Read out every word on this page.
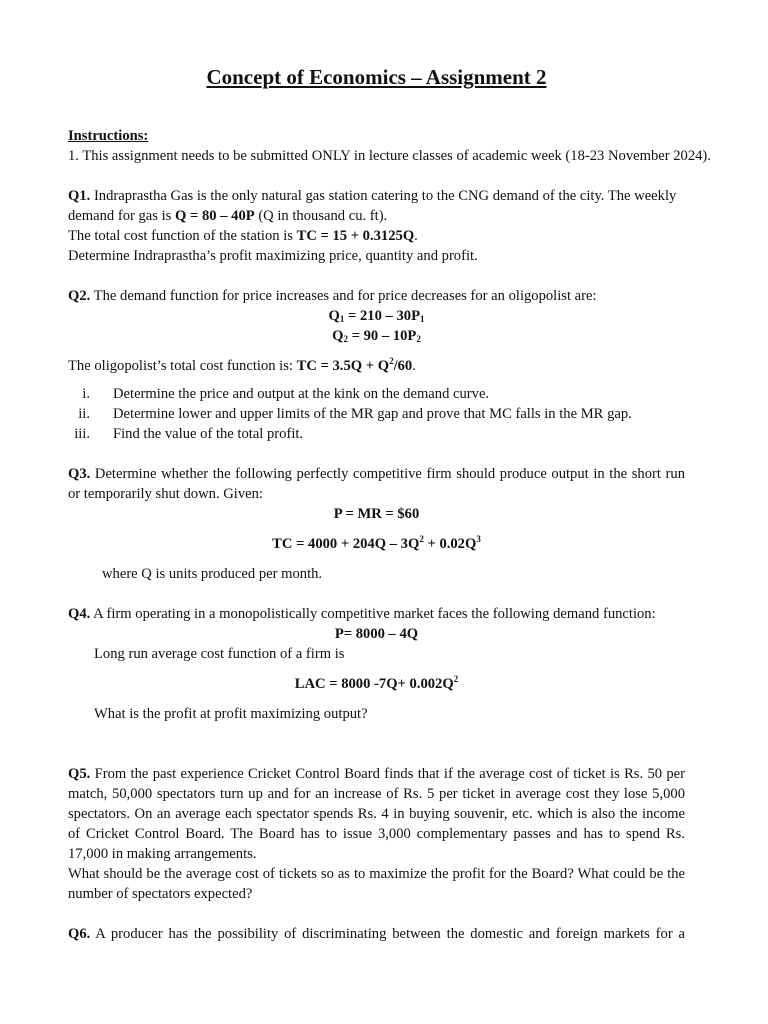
Concept of Economics – Assignment 2

Instructions:

1. This assignment needs to be submitted ONLY in lecture classes of academic week (18-23 November 2024).

Q1. Indraprastha Gas is the only natural gas station catering to the CNG demand of the city. The weekly demand for gas is Q = 80 – 40P (Q in thousand cu. ft).

The total cost function of the station is TC = 15 + 0.3125Q.

Determine Indraprastha’s profit maximizing price, quantity and profit.

Q2. The demand function for price increases and for price decreases for an oligopolist are:

$Q_1 = 210 - 30P_1$

$Q_2 = 90 - 10P_2$

The oligopolist’s total cost function is: TC = $3.5Q + Q^2/60$.

i. Determine the price and output at the kink on the demand curve.
ii. Determine lower and upper limits of the MR gap and prove that MC falls in the MR gap.
iii. Find the value of the total profit.

Q3. Determine whether the following perfectly competitive firm should produce output in the short run or temporarily shut down. Given:

P = MR = $60

TC = $4000 + 204Q - 3Q^2 + 0.02Q^3$

where Q is units produced per month.

Q4. A firm operating in a monopolistically competitive market faces the following demand function:

P= 8000 – 4Q

Long run average cost function of a firm is

LAC = 8000 $-7Q+ 0.002Q^2$

What is the profit at profit maximizing output?

Q5. From the past experience Cricket Control Board finds that if the average cost of ticket is Rs. 50 per match, 50,000 spectators turn up and for an increase of Rs. 5 per ticket in average cost they lose 5,000 spectators. On an average each spectator spends Rs. 4 in buying souvenir, etc. which is also the income of Cricket Control Board. The Board has to issue 3,000 complementary passes and has to spend Rs. 17,000 in making arrangements.

What should be the average cost of tickets so as to maximize the profit for the Board? What could be the number of spectators expected?

Q6. A producer has the possibility of discriminating between the domestic and foreign markets for a
